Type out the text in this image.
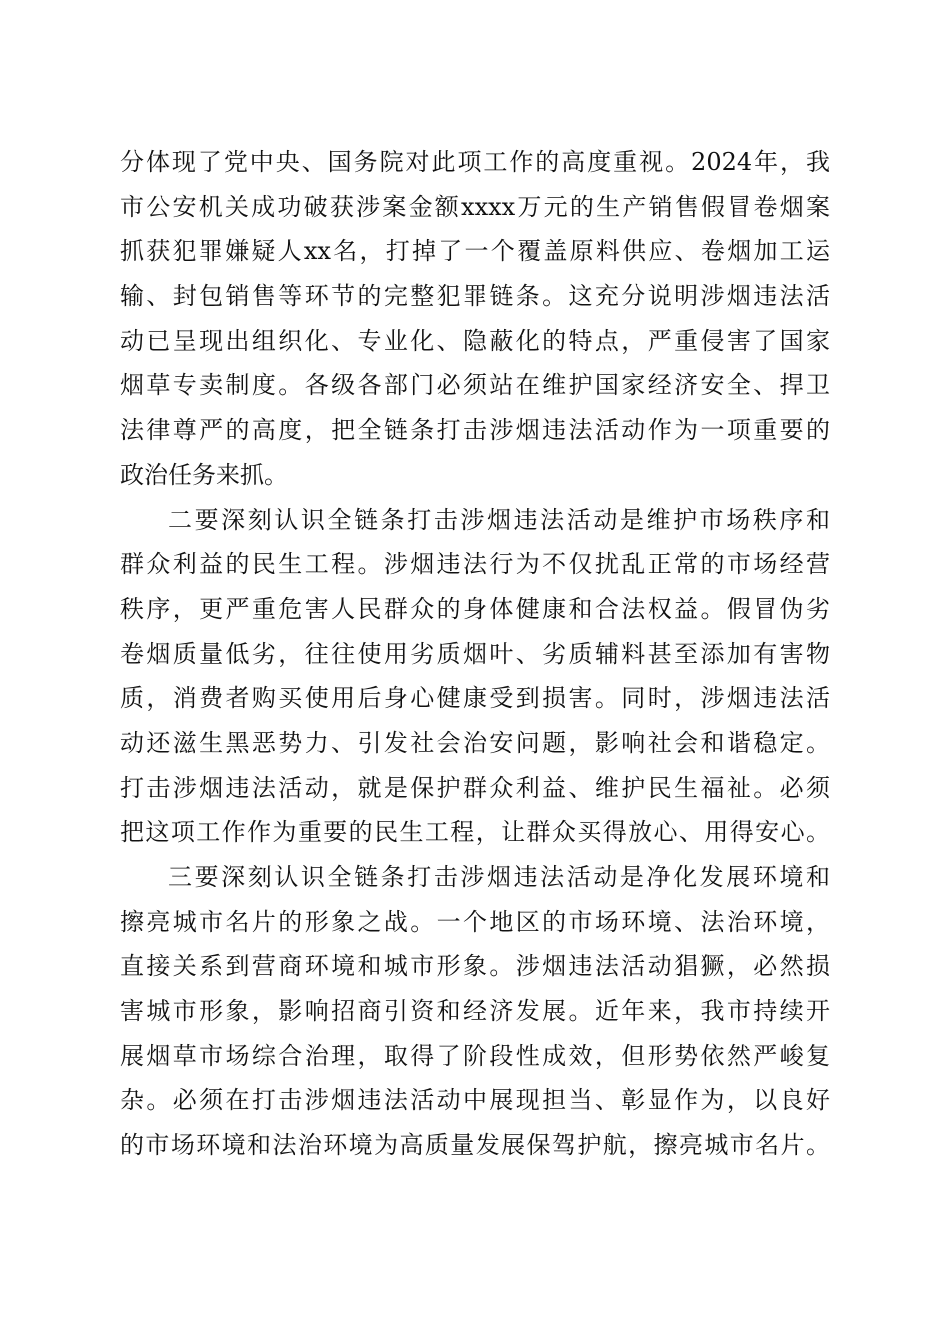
分体现了党中央、国务院对此项工作的高度重视。2024年，我
市公安机关成功破获涉案金额xxxx万元的生产销售假冒卷烟案
抓获犯罪嫌疑人xx名，打掉了一个覆盖原料供应、卷烟加工运
输、封包销售等环节的完整犯罪链条。这充分说明涉烟违法活
动已呈现出组织化、专业化、隐蔽化的特点，严重侵害了国家
烟草专卖制度。各级各部门必须站在维护国家经济安全、捍卫
法律尊严的高度，把全链条打击涉烟违法活动作为一项重要的
政治任务来抓。
二要深刻认识全链条打击涉烟违法活动是维护市场秩序和
群众利益的民生工程。涉烟违法行为不仅扰乱正常的市场经营
秩序，更严重危害人民群众的身体健康和合法权益。假冒伪劣
卷烟质量低劣，往往使用劣质烟叶、劣质辅料甚至添加有害物
质，消费者购买使用后身心健康受到损害。同时，涉烟违法活
动还滋生黑恶势力、引发社会治安问题，影响社会和谐稳定。
打击涉烟违法活动，就是保护群众利益、维护民生福祉。必须
把这项工作作为重要的民生工程，让群众买得放心、用得安心。
三要深刻认识全链条打击涉烟违法活动是净化发展环境和
擦亮城市名片的形象之战。一个地区的市场环境、法治环境，
直接关系到营商环境和城市形象。涉烟违法活动猖獗，必然损
害城市形象，影响招商引资和经济发展。近年来，我市持续开
展烟草市场综合治理，取得了阶段性成效，但形势依然严峻复
杂。必须在打击涉烟违法活动中展现担当、彰显作为，以良好
的市场环境和法治环境为高质量发展保驾护航，擦亮城市名片。
